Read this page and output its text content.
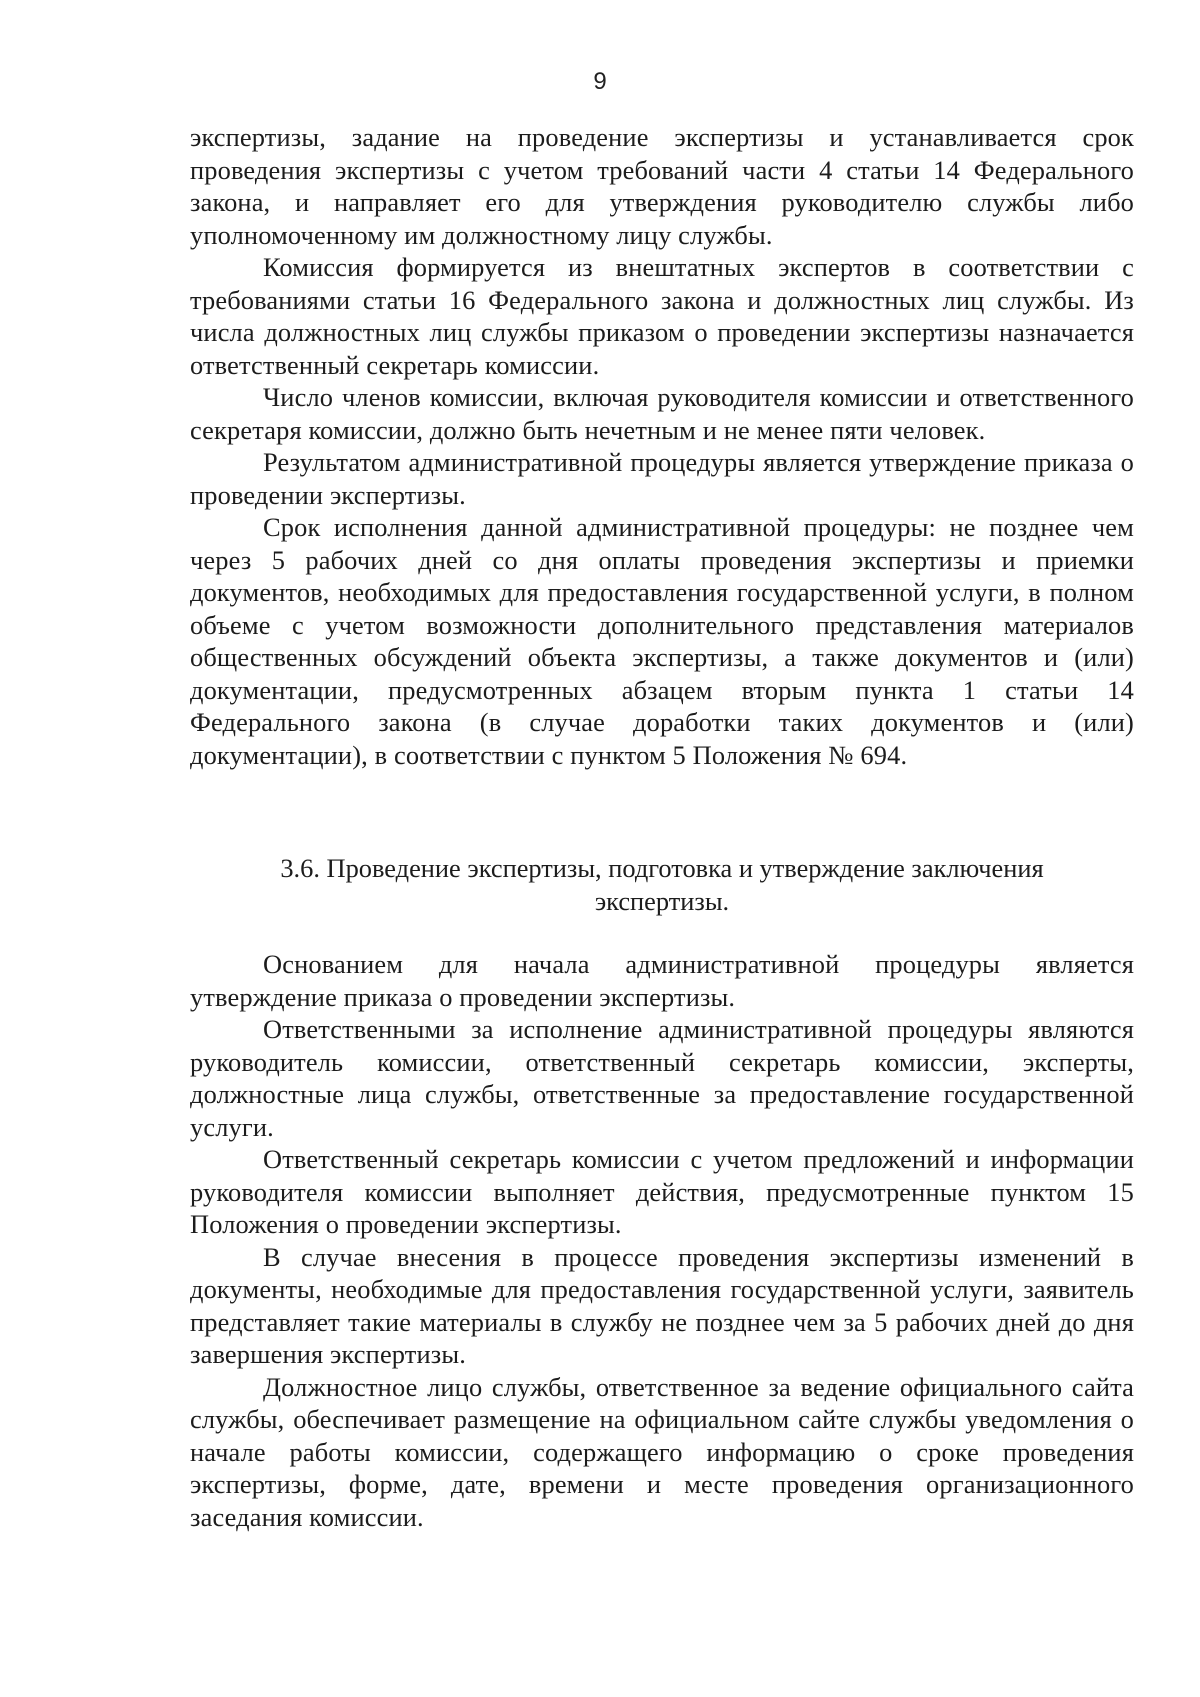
9

экспертизы, задание на проведение экспертизы и устанавливается срок проведения экспертизы с учетом требований части 4 статьи 14 Федерального закона, и направляет его для утверждения руководителю службы либо уполномоченному им должностному лицу службы.

Комиссия формируется из внештатных экспертов в соответствии с требованиями статьи 16 Федерального закона и должностных лиц службы. Из числа должностных лиц службы приказом о проведении экспертизы назначается ответственный секретарь комиссии.

Число членов комиссии, включая руководителя комиссии и ответственного секретаря комиссии, должно быть нечетным и не менее пяти человек.

Результатом административной процедуры является утверждение приказа о проведении экспертизы.

Срок исполнения данной административной процедуры: не позднее чем через 5 рабочих дней со дня оплаты проведения экспертизы и приемки документов, необходимых для предоставления государственной услуги, в полном объеме с учетом возможности дополнительного представления материалов общественных обсуждений объекта экспертизы, а также документов и (или) документации, предусмотренных абзацем вторым пункта 1 статьи 14 Федерального закона (в случае доработки таких документов и (или) документации), в соответствии с пунктом 5 Положения № 694.

3.6. Проведение экспертизы, подготовка и утверждение заключения
экспертизы.

Основанием для начала административной процедуры является утверждение приказа о проведении экспертизы.

Ответственными за исполнение административной процедуры являются руководитель комиссии, ответственный секретарь комиссии, эксперты, должностные лица службы, ответственные за предоставление государственной услуги.

Ответственный секретарь комиссии с учетом предложений и информации руководителя комиссии выполняет действия, предусмотренные пунктом 15 Положения о проведении экспертизы.

В случае внесения в процессе проведения экспертизы изменений в документы, необходимые для предоставления государственной услуги, заявитель представляет такие материалы в службу не позднее чем за 5 рабочих дней до дня завершения экспертизы.

Должностное лицо службы, ответственное за ведение официального сайта службы, обеспечивает размещение на официальном сайте службы уведомления о начале работы комиссии, содержащего информацию о сроке проведения экспертизы, форме, дате, времени и месте проведения организационного заседания комиссии.
